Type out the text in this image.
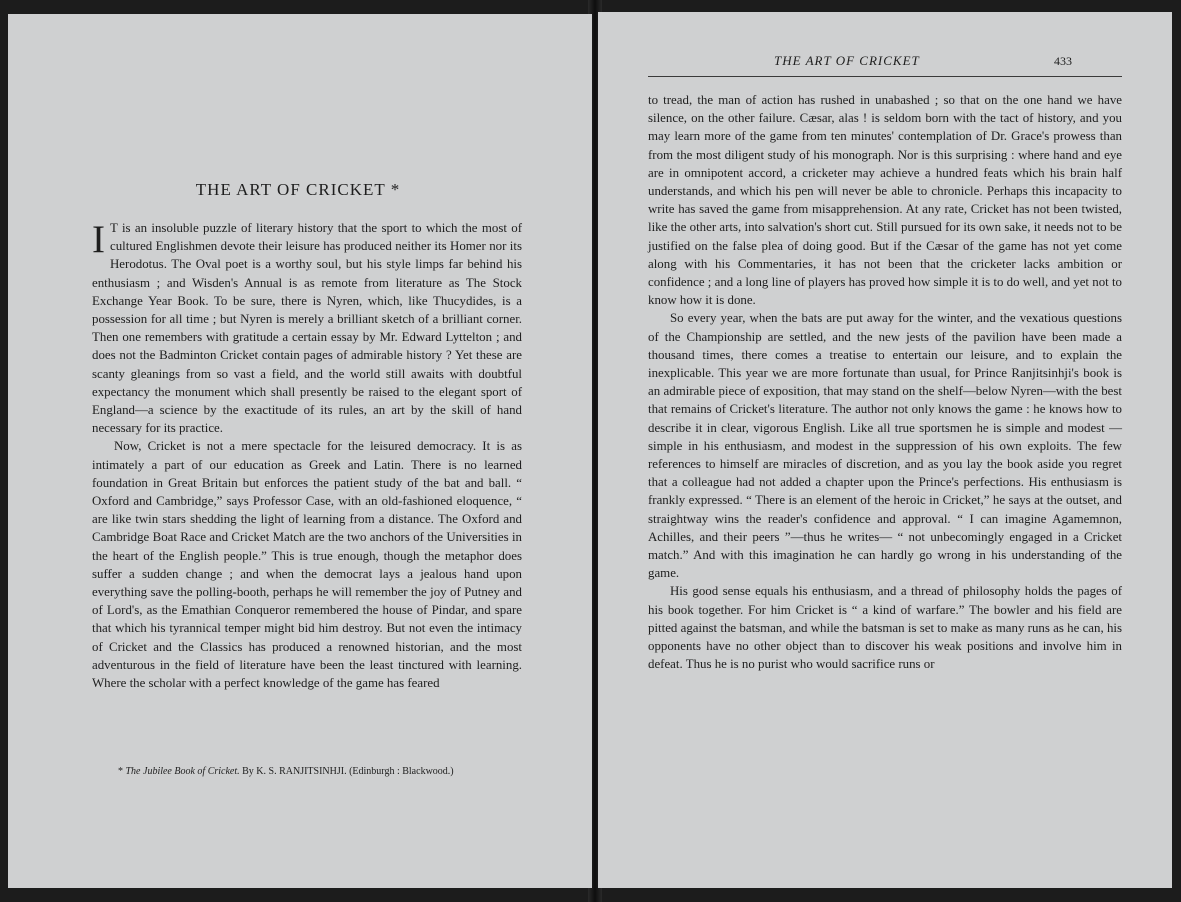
THE ART OF CRICKET *

I T is an insoluble puzzle of literary history that the sport to which the most of cultured Englishmen devote their leisure has produced neither its Homer nor its Herodotus. The Oval poet is a worthy soul, but his style limps far behind his enthusiasm ; and Wisden's Annual is as remote from literature as The Stock Exchange Year Book. To be sure, there is Nyren, which, like Thucydides, is a possession for all time ; but Nyren is merely a brilliant sketch of a brilliant corner. Then one remembers with gratitude a certain essay by Mr. Edward Lyttelton ; and does not the Badminton Cricket contain pages of admirable history ? Yet these are scanty gleanings from so vast a field, and the world still awaits with doubtful expectancy the monument which shall presently be raised to the elegant sport of England—a science by the exactitude of its rules, an art by the skill of hand necessary for its practice.

Now, Cricket is not a mere spectacle for the leisured democracy. It is as intimately a part of our education as Greek and Latin. There is no learned foundation in Great Britain but enforces the patient study of the bat and ball. “ Oxford and Cambridge,” says Professor Case, with an old-fashioned eloquence, “ are like twin stars shedding the light of learning from a distance. The Oxford and Cambridge Boat Race and Cricket Match are the two anchors of the Universities in the heart of the English people.” This is true enough, though the metaphor does suffer a sudden change ; and when the democrat lays a jealous hand upon everything save the polling-booth, perhaps he will remember the joy of Putney and of Lord's, as the Emathian Conqueror remembered the house of Pindar, and spare that which his tyrannical temper might bid him destroy. But not even the intimacy of Cricket and the Classics has produced a renowned historian, and the most adventurous in the field of literature have been the least tinctured with learning. Where the scholar with a perfect knowledge of the game has feared

* The Jubilee Book of Cricket. By K. S. RANJITSINHJI. (Edinburgh : Blackwood.)
THE ART OF CRICKET	433

to tread, the man of action has rushed in unabashed ; so that on the one hand we have silence, on the other failure. Cæsar, alas ! is seldom born with the tact of history, and you may learn more of the game from ten minutes' contemplation of Dr. Grace's prowess than from the most diligent study of his monograph. Nor is this surprising : where hand and eye are in omnipotent accord, a cricketer may achieve a hundred feats which his brain half understands, and which his pen will never be able to chronicle. Perhaps this incapacity to write has saved the game from misapprehension. At any rate, Cricket has not been twisted, like the other arts, into salvation's short cut. Still pursued for its own sake, it needs not to be justified on the false plea of doing good. But if the Cæsar of the game has not yet come along with his Commentaries, it has not been that the cricketer lacks ambition or confidence ; and a long line of players has proved how simple it is to do well, and yet not to know how it is done.

So every year, when the bats are put away for the winter, and the vexatious questions of the Championship are settled, and the new jests of the pavilion have been made a thousand times, there comes a treatise to entertain our leisure, and to explain the inexplicable. This year we are more fortunate than usual, for Prince Ranjitsinhji's book is an admirable piece of exposition, that may stand on the shelf—below Nyren—with the best that remains of Cricket's literature. The author not only knows the game : he knows how to describe it in clear, vigorous English. Like all true sportsmen he is simple and modest — simple in his enthusiasm, and modest in the suppression of his own exploits. The few references to himself are miracles of discretion, and as you lay the book aside you regret that a colleague had not added a chapter upon the Prince's perfections. His enthusiasm is frankly expressed. “ There is an element of the heroic in Cricket,” he says at the outset, and straightway wins the reader's confidence and approval. “ I can imagine Agamemnon, Achilles, and their peers ”—thus he writes— “ not unbecomingly engaged in a Cricket match.” And with this imagination he can hardly go wrong in his understanding of the game.

His good sense equals his enthusiasm, and a thread of philosophy holds the pages of his book together. For him Cricket is “ a kind of warfare.” The bowler and his field are pitted against the batsman, and while the batsman is set to make as many runs as he can, his opponents have no other object than to discover his weak positions and involve him in defeat. Thus he is no purist who would sacrifice runs or
